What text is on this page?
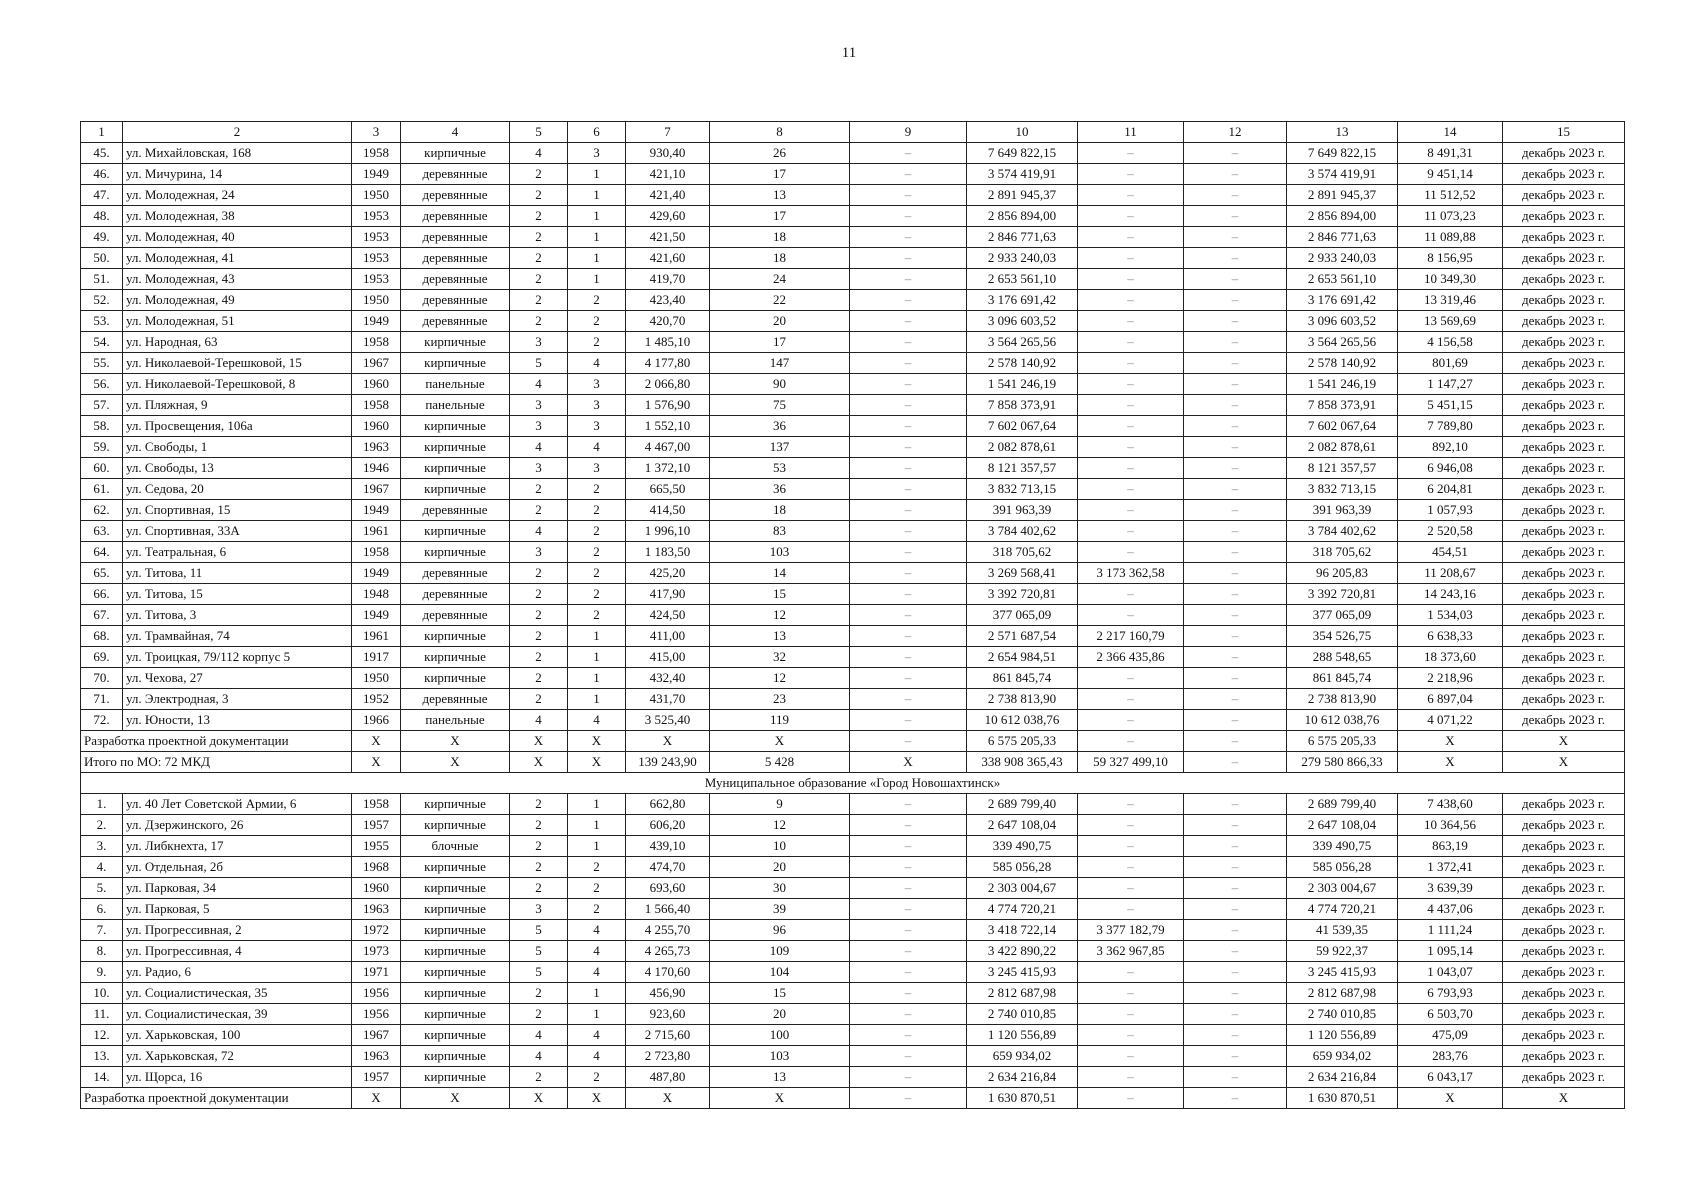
11
1	2	3	4	5	6	7	8	9	10	11	12	13	14	15
45.	ул. Михайловская, 168	1958	кирпичные	4	3	930,40	26	–	7 649 822,15	–	–	7 649 822,15	8 491,31	декабрь 2023 г.
46.	ул. Мичурина, 14	1949	деревянные	2	1	421,10	17	–	3 574 419,91	–	–	3 574 419,91	9 451,14	декабрь 2023 г.
47.	ул. Молодежная, 24	1950	деревянные	2	1	421,40	13	–	2 891 945,37	–	–	2 891 945,37	11 512,52	декабрь 2023 г.
48.	ул. Молодежная, 38	1953	деревянные	2	1	429,60	17	–	2 856 894,00	–	–	2 856 894,00	11 073,23	декабрь 2023 г.
49.	ул. Молодежная, 40	1953	деревянные	2	1	421,50	18	–	2 846 771,63	–	–	2 846 771,63	11 089,88	декабрь 2023 г.
50.	ул. Молодежная, 41	1953	деревянные	2	1	421,60	18	–	2 933 240,03	–	–	2 933 240,03	8 156,95	декабрь 2023 г.
51.	ул. Молодежная, 43	1953	деревянные	2	1	419,70	24	–	2 653 561,10	–	–	2 653 561,10	10 349,30	декабрь 2023 г.
52.	ул. Молодежная, 49	1950	деревянные	2	2	423,40	22	–	3 176 691,42	–	–	3 176 691,42	13 319,46	декабрь 2023 г.
53.	ул. Молодежная, 51	1949	деревянные	2	2	420,70	20	–	3 096 603,52	–	–	3 096 603,52	13 569,69	декабрь 2023 г.
54.	ул. Народная, 63	1958	кирпичные	3	2	1 485,10	17	–	3 564 265,56	–	–	3 564 265,56	4 156,58	декабрь 2023 г.
55.	ул. Николаевой-Терешковой, 15	1967	кирпичные	5	4	4 177,80	147	–	2 578 140,92	–	–	2 578 140,92	801,69	декабрь 2023 г.
56.	ул. Николаевой-Терешковой, 8	1960	панельные	4	3	2 066,80	90	–	1 541 246,19	–	–	1 541 246,19	1 147,27	декабрь 2023 г.
57.	ул. Пляжная, 9	1958	панельные	3	3	1 576,90	75	–	7 858 373,91	–	–	7 858 373,91	5 451,15	декабрь 2023 г.
58.	ул. Просвещения, 106а	1960	кирпичные	3	3	1 552,10	36	–	7 602 067,64	–	–	7 602 067,64	7 789,80	декабрь 2023 г.
59.	ул. Свободы, 1	1963	кирпичные	4	4	4 467,00	137	–	2 082 878,61	–	–	2 082 878,61	892,10	декабрь 2023 г.
60.	ул. Свободы, 13	1946	кирпичные	3	3	1 372,10	53	–	8 121 357,57	–	–	8 121 357,57	6 946,08	декабрь 2023 г.
61.	ул. Седова, 20	1967	кирпичные	2	2	665,50	36	–	3 832 713,15	–	–	3 832 713,15	6 204,81	декабрь 2023 г.
62.	ул. Спортивная, 15	1949	деревянные	2	2	414,50	18	–	391 963,39	–	–	391 963,39	1 057,93	декабрь 2023 г.
63.	ул. Спортивная, 33А	1961	кирпичные	4	2	1 996,10	83	–	3 784 402,62	–	–	3 784 402,62	2 520,58	декабрь 2023 г.
64.	ул. Театральная, 6	1958	кирпичные	3	2	1 183,50	103	–	318 705,62	–	–	318 705,62	454,51	декабрь 2023 г.
65.	ул. Титова, 11	1949	деревянные	2	2	425,20	14	–	3 269 568,41	3 173 362,58	–	96 205,83	11 208,67	декабрь 2023 г.
66.	ул. Титова, 15	1948	деревянные	2	2	417,90	15	–	3 392 720,81	–	–	3 392 720,81	14 243,16	декабрь 2023 г.
67.	ул. Титова, 3	1949	деревянные	2	2	424,50	12	–	377 065,09	–	–	377 065,09	1 534,03	декабрь 2023 г.
68.	ул. Трамвайная, 74	1961	кирпичные	2	1	411,00	13	–	2 571 687,54	2 217 160,79	–	354 526,75	6 638,33	декабрь 2023 г.
69.	ул. Троицкая, 79/112 корпус 5	1917	кирпичные	2	1	415,00	32	–	2 654 984,51	2 366 435,86	–	288 548,65	18 373,60	декабрь 2023 г.
70.	ул. Чехова, 27	1950	кирпичные	2	1	432,40	12	–	861 845,74	–	–	861 845,74	2 218,96	декабрь 2023 г.
71.	ул. Электродная, 3	1952	деревянные	2	1	431,70	23	–	2 738 813,90	–	–	2 738 813,90	6 897,04	декабрь 2023 г.
72.	ул. Юности, 13	1966	панельные	4	4	3 525,40	119	–	10 612 038,76	–	–	10 612 038,76	4 071,22	декабрь 2023 г.
Разработка проектной документации		X	X	X	X	X	X	–	6 575 205,33	–	–	6 575 205,33	X	X
Итого по МО: 72 МКД		X	X	X	X	139 243,90	5 428	X	338 908 365,43	59 327 499,10	–	279 580 866,33	X	X
Муниципальное образование «Город Новошахтинск»														
1.	ул. 40 Лет Советской Армии, 6	1958	кирпичные	2	1	662,80	9	–	2 689 799,40	–	–	2 689 799,40	7 438,60	декабрь 2023 г.
2.	ул. Дзержинского, 26	1957	кирпичные	2	1	606,20	12	–	2 647 108,04	–	–	2 647 108,04	10 364,56	декабрь 2023 г.
3.	ул. Либкнехта, 17	1955	блочные	2	1	439,10	10	–	339 490,75	–	–	339 490,75	863,19	декабрь 2023 г.
4.	ул. Отдельная, 2б	1968	кирпичные	2	2	474,70	20	–	585 056,28	–	–	585 056,28	1 372,41	декабрь 2023 г.
5.	ул. Парковая, 34	1960	кирпичные	2	2	693,60	30	–	2 303 004,67	–	–	2 303 004,67	3 639,39	декабрь 2023 г.
6.	ул. Парковая, 5	1963	кирпичные	3	2	1 566,40	39	–	4 774 720,21	–	–	4 774 720,21	4 437,06	декабрь 2023 г.
7.	ул. Прогрессивная, 2	1972	кирпичные	5	4	4 255,70	96	–	3 418 722,14	3 377 182,79	–	41 539,35	1 111,24	декабрь 2023 г.
8.	ул. Прогрессивная, 4	1973	кирпичные	5	4	4 265,73	109	–	3 422 890,22	3 362 967,85	–	59 922,37	1 095,14	декабрь 2023 г.
9.	ул. Радио, 6	1971	кирпичные	5	4	4 170,60	104	–	3 245 415,93	–	–	3 245 415,93	1 043,07	декабрь 2023 г.
10.	ул. Социалистическая, 35	1956	кирпичные	2	1	456,90	15	–	2 812 687,98	–	–	2 812 687,98	6 793,93	декабрь 2023 г.
11.	ул. Социалистическая, 39	1956	кирпичные	2	1	923,60	20	–	2 740 010,85	–	–	2 740 010,85	6 503,70	декабрь 2023 г.
12.	ул. Харьковская, 100	1967	кирпичные	4	4	2 715,60	100	–	1 120 556,89	–	–	1 120 556,89	475,09	декабрь 2023 г.
13.	ул. Харьковская, 72	1963	кирпичные	4	4	2 723,80	103	–	659 934,02	–	–	659 934,02	283,76	декабрь 2023 г.
14.	ул. Щорса, 16	1957	кирпичные	2	2	487,80	13	–	2 634 216,84	–	–	2 634 216,84	6 043,17	декабрь 2023 г.
Разработка проектной документации		X	X	X	X	X	X	–	1 630 870,51	–	–	1 630 870,51	X	X
